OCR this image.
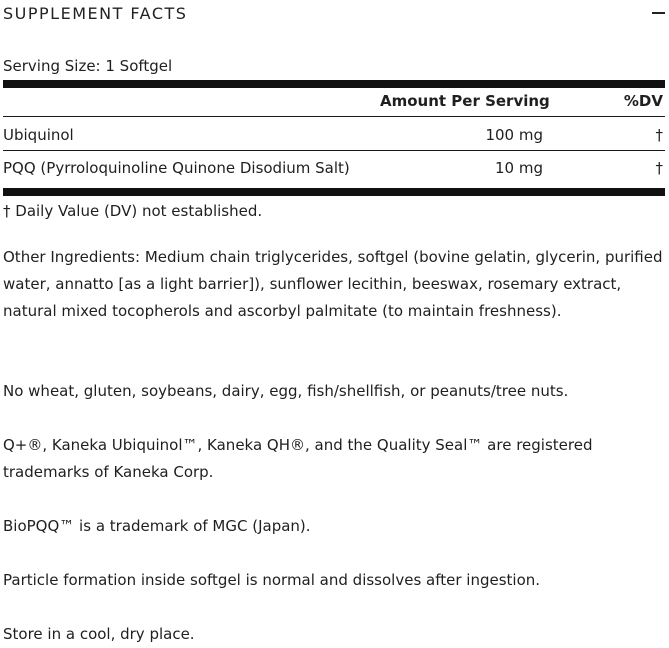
SUPPLEMENT FACTS
Serving Size: 1 Softgel
Amount Per Serving	%DV
Ubiquinol	100 mg	†
PQQ (Pyrroloquinoline Quinone Disodium Salt)	10 mg	†

† Daily Value (DV) not established.

Other Ingredients: Medium chain triglycerides, softgel (bovine gelatin, glycerin, purified water, annatto [as a light barrier]), sunflower lecithin, beeswax, rosemary extract, natural mixed tocopherols and ascorbyl palmitate (to maintain freshness).

No wheat, gluten, soybeans, dairy, egg, fish/shellfish, or peanuts/tree nuts.

Q+®, Kaneka Ubiquinol™, Kaneka QH®, and the Quality Seal™ are registered trademarks of Kaneka Corp.

BioPQQ™ is a trademark of MGC (Japan).

Particle formation inside softgel is normal and dissolves after ingestion.

Store in a cool, dry place.
